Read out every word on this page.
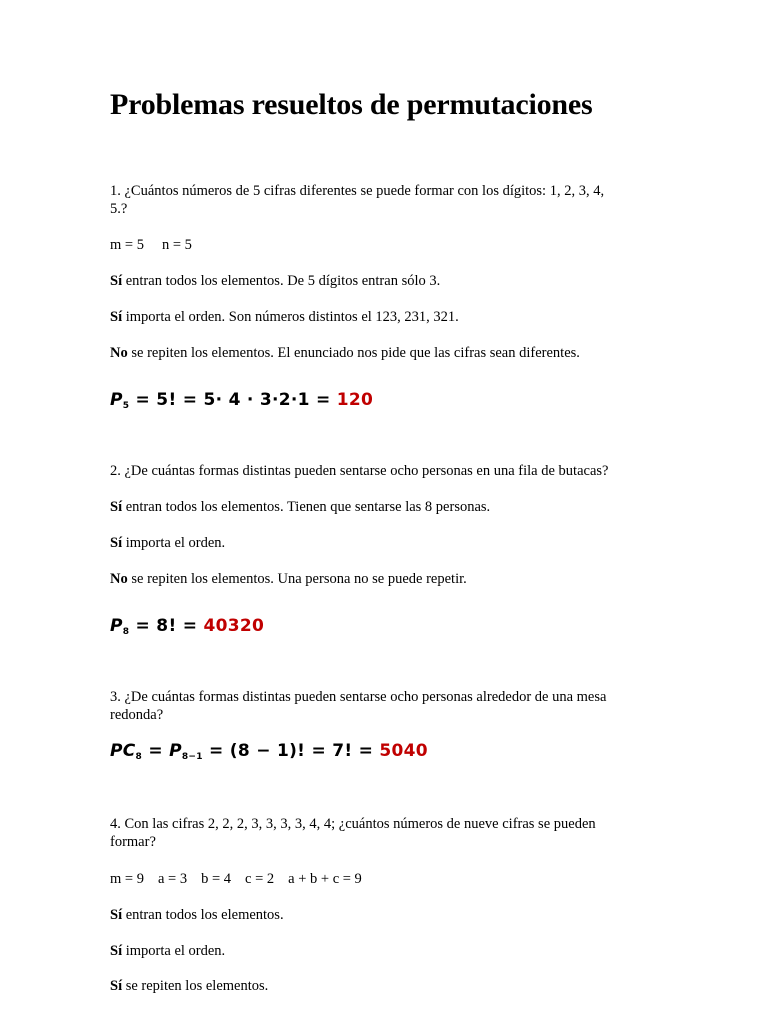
Problemas resueltos de permutaciones

1. ¿Cuántos números de 5 cifras diferentes se puede formar con los dígitos: 1, 2, 3, 4,

5.?

m = 5 n = 5

Sí entran todos los elementos. De 5 dígitos entran sólo 3.

Sí importa el orden. Son números distintos el 123, 231, 321.

No se repiten los elementos. El enunciado nos pide que las cifras sean diferentes.

$P_5 = 5$! = 5· 4 · 3·2·1 = 120

2. ¿De cuántas formas distintas pueden sentarse ocho personas en una fila de butacas?

Sí entran todos los elementos. Tienen que sentarse las 8 personas.

Sí importa el orden.

No se repiten los elementos. Una persona no se puede repetir.

$P_8 = 8$! = 40320

3. ¿De cuántas formas distintas pueden sentarse ocho personas alrededor de una mesa

redonda?

$PC_8 = P_{8-1} = (8 - 1)$! = 7! = 5040

4. Con las cifras 2, 2, 2, 3, 3, 3, 3, 4, 4; ¿cuántos números de nueve cifras se pueden

formar?

m = 9 a = 3 b = 4 c = 2 a + b + c = 9

Sí entran todos los elementos.

Sí importa el orden.

Sí se repiten los elementos.
